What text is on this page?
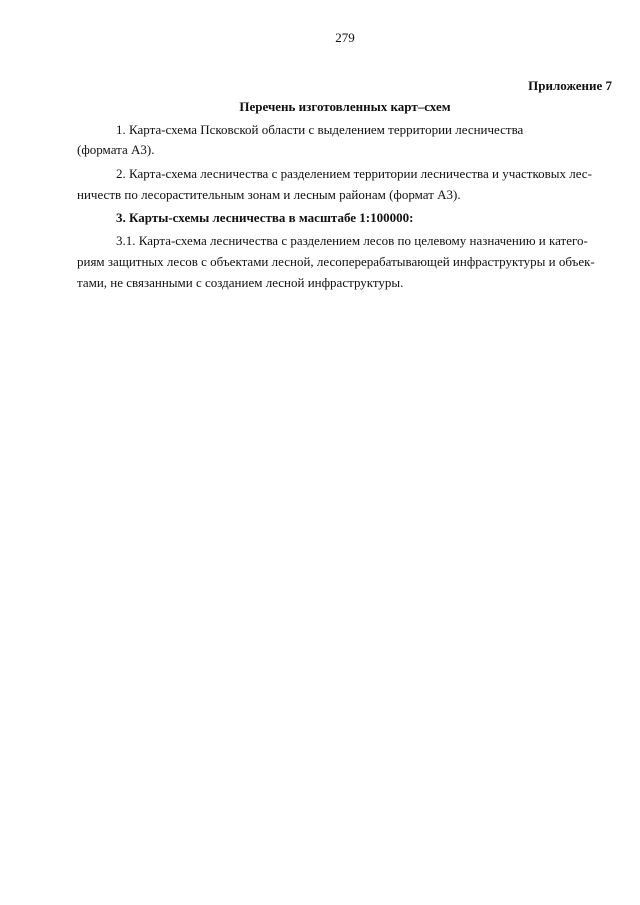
279
Приложение 7
Перечень изготовленных карт–схем
1. Карта-схема Псковской области с выделением территории лесничества
(формата А3).
2. Карта-схема лесничества с разделением территории лесничества и участковых лес-
ничеств по лесорастительным зонам и лесным районам (формат А3).
3. Карты-схемы лесничества в масштабе 1:100000:
3.1. Карта-схема лесничества с разделением лесов по целевому назначению и катего-
риям защитных лесов с объектами лесной, лесоперерабатывающей инфраструктуры и объек-
тами, не связанными с созданием лесной инфраструктуры.
